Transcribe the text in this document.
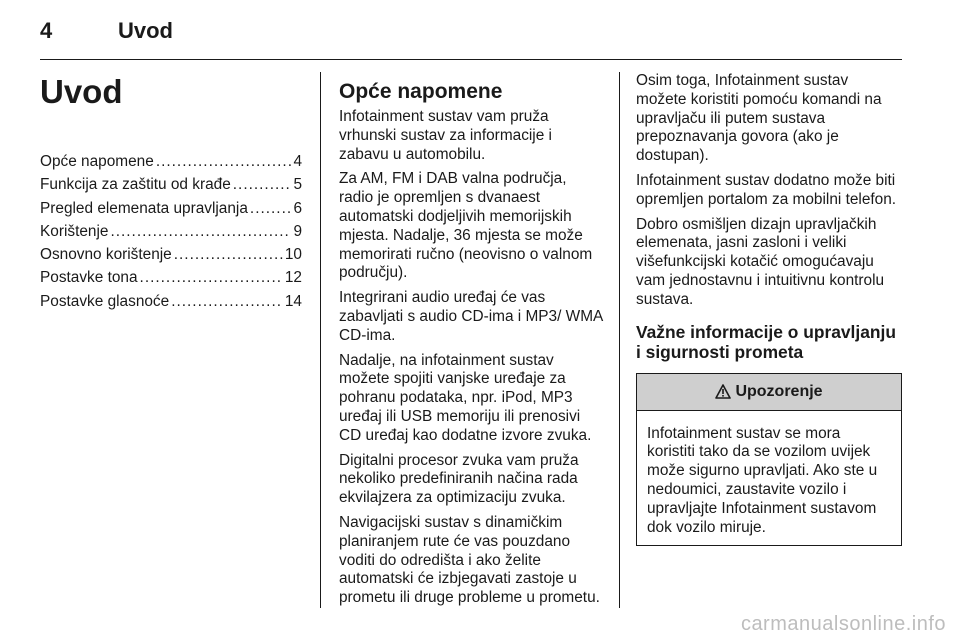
4	Uvod
Uvod
Opće napomene .....	4
Funkcija za zaštitu od krađe .....	5
Pregled elemenata upravljanja .....	6
Korištenje .....	9
Osnovno korištenje .....	10
Postavke tona .....	12
Postavke glasnoće .....	14
Opće napomene

Infotainment sustav vam pruža vrhunski sustav za informacije i zabavu u automobilu.

Za AM, FM i DAB valna područja, radio je opremljen s dvanaest automatski dodjeljivih memorijskih mjesta. Nadalje, 36 mjesta se može memorirati ručno (neovisno o valnom području).

Integrirani audio uređaj će vas zabavljati s audio CD-ima i MP3/ WMA CD-ima.

Nadalje, na infotainment sustav možete spojiti vanjske uređaje za pohranu podataka, npr. iPod, MP3 uređaj ili USB memoriju ili prenosivi CD uređaj kao dodatne izvore zvuka.

Digitalni procesor zvuka vam pruža nekoliko predefiniranih načina rada ekvilajzera za optimizaciju zvuka.

Navigacijski sustav s dinamičkim planiranjem rute će vas pouzdano voditi do odredišta i ako želite automatski će izbjegavati zastoje u prometu ili druge probleme u prometu.

Osim toga, Infotainment sustav možete koristiti pomoću komandi na upravljaču ili putem sustava prepoznavanja govora (ako je dostupan).

Infotainment sustav dodatno može biti opremljen portalom za mobilni telefon.

Dobro osmišljen dizajn upravljačkih elemenata, jasni zasloni i veliki višefunkcijski kotačić omogućavaju vam jednostavnu i intuitivnu kontrolu sustava.

Važne informacije o upravljanju i sigurnosti prometa
Upozorenje

Infotainment sustav se mora koristiti tako da se vozilom uvijek može sigurno upravljati. Ako ste u nedoumici, zaustavite vozilo i upravljajte Infotainment sustavom dok vozilo miruje.

carmanualsonline.info
